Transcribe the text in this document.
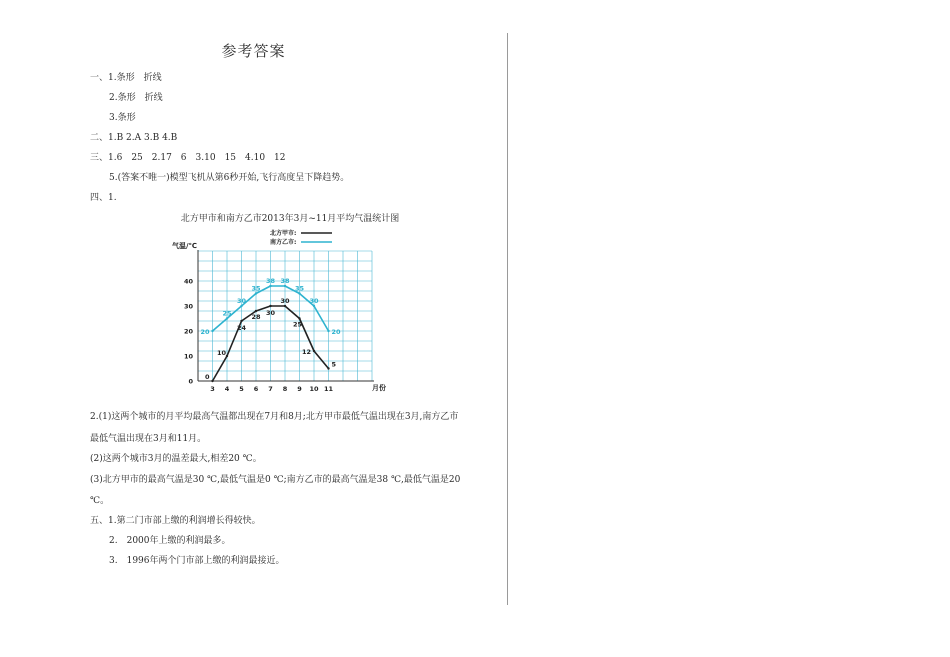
参考答案
一、1.条形　折线
2.条形　折线
3.条形
二、1.B 2.A 3.B 4.B
三、1.6　25　2.17　6　3.10　15　4.10　12
5.(答案不唯一)模型飞机从第6秒开始,飞行高度呈下降趋势。
四、1.
北方甲市和南方乙市2013年3月~11月平均气温统计图
气温/℃
月份
北方甲市:
南方乙市:
0
10
20
30
40
3 4 5 6 7 8 9 10 11
0
10
24
28 30
30
25
12
5
20
25
30
35
38 38
35
30
20
2.(1)这两个城市的月平均最高气温都出现在7月和8月;北方甲市最低气温出现在3月,南方乙市
最低气温出现在3月和11月。
(2)这两个城市3月的温差最大,相差20 ℃。
(3)北方甲市的最高气温是30 ℃,最低气温是0 ℃;南方乙市的最高气温是38 ℃,最低气温是20
℃。
五、1.第二门市部上缴的利润增长得较快。
2.　2000年上缴的利润最多。
3.　1996年两个门市部上缴的利润最接近。
